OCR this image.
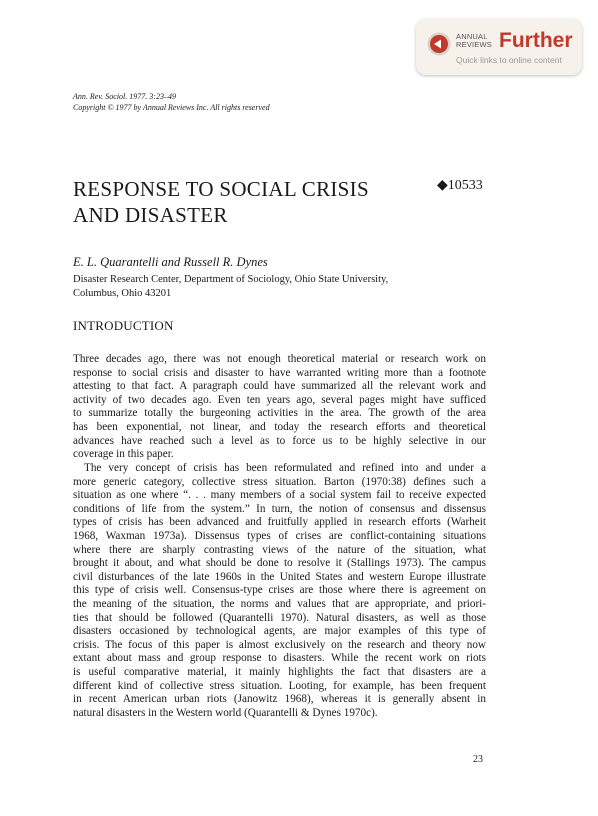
ANNUAL
REVIEWS Further
Quick links to online content
Ann. Rev. Sociol. 1977. 3:23–49
Copyright © 1977 by Annual Reviews Inc. All rights reserved
RESPONSE TO SOCIAL CRISIS
AND DISASTER
◆10533
E. L. Quarantelli and Russell R. Dynes
Disaster Research Center, Department of Sociology, Ohio State University,
Columbus, Ohio 43201
INTRODUCTION
Three decades ago, there was not enough theoretical material or research work on
response to social crisis and disaster to have warranted writing more than a footnote
attesting to that fact. A paragraph could have summarized all the relevant work and
activity of two decades ago. Even ten years ago, several pages might have sufficed
to summarize totally the burgeoning activities in the area. The growth of the area
has been exponential, not linear, and today the research efforts and theoretical
advances have reached such a level as to force us to be highly selective in our
coverage in this paper.
The very concept of crisis has been reformulated and refined into and under a
more generic category, collective stress situation. Barton (1970:38) defines such a
situation as one where “. . . many members of a social system fail to receive expected
conditions of life from the system.” In turn, the notion of consensus and dissensus
types of crisis has been advanced and fruitfully applied in research efforts (Warheit
1968, Waxman 1973a). Dissensus types of crises are conflict-containing situations
where there are sharply contrasting views of the nature of the situation, what
brought it about, and what should be done to resolve it (Stallings 1973). The campus
civil disturbances of the late 1960s in the United States and western Europe illustrate
this type of crisis well. Consensus-type crises are those where there is agreement on
the meaning of the situation, the norms and values that are appropriate, and priori-
ties that should be followed (Quarantelli 1970). Natural disasters, as well as those
disasters occasioned by technological agents, are major examples of this type of
crisis. The focus of this paper is almost exclusively on the research and theory now
extant about mass and group response to disasters. While the recent work on riots
is useful comparative material, it mainly highlights the fact that disasters are a
different kind of collective stress situation. Looting, for example, has been frequent
in recent American urban riots (Janowitz 1968), whereas it is generally absent in
natural disasters in the Western world (Quarantelli & Dynes 1970c).
23
